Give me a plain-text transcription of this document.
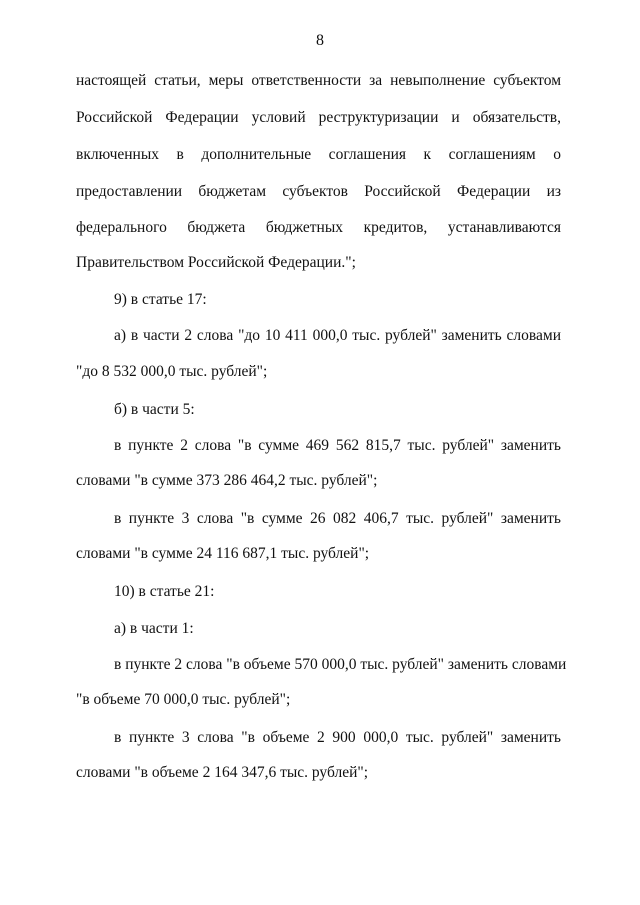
8
настоящей статьи, меры ответственности за невыполнение субъектом
Российской Федерации условий реструктуризации и обязательств,
включенных в дополнительные соглашения к соглашениям о
предоставлении бюджетам субъектов Российской Федерации из
федерального бюджета бюджетных кредитов, устанавливаются
Правительством Российской Федерации.";
9) в статье 17:
а) в части 2 слова "до 10 411 000,0 тыс. рублей" заменить словами
"до 8 532 000,0 тыс. рублей";
б) в части 5:
в пункте 2 слова "в сумме 469 562 815,7 тыс. рублей" заменить
словами "в сумме 373 286 464,2 тыс. рублей";
в пункте 3 слова "в сумме 26 082 406,7 тыс. рублей" заменить
словами "в сумме 24 116 687,1 тыс. рублей";
10) в статье 21:
а) в части 1:
в пункте 2 слова "в объеме 570 000,0 тыс. рублей" заменить словами
"в объеме 70 000,0 тыс. рублей";
в пункте 3 слова "в объеме 2 900 000,0 тыс. рублей" заменить
словами "в объеме 2 164 347,6 тыс. рублей";
